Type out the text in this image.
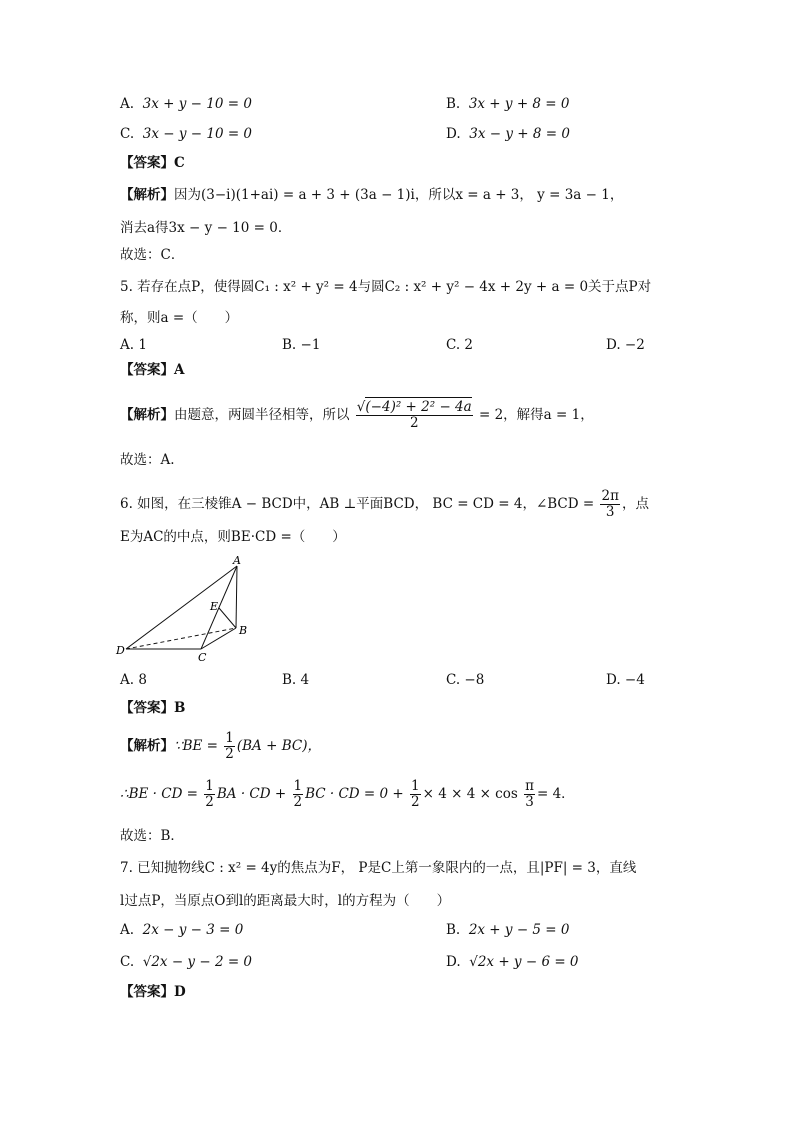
A. 3x + y − 10 = 0	B. 3x + y + 8 = 0
C. 3x − y − 10 = 0	D. 3x − y + 8 = 0
【答案】C
【解析】因为(3−i)(1+ai) = a + 3 + (3a − 1)i，所以x = a + 3， y = 3a − 1，
消去a得3x − y − 10 = 0．
故选：C．
5. 若存在点P，使得圆C₁ : x² + y² = 4与圆C₂ : x² + y² − 4x + 2y + a = 0关于点P对
称，则a =（　　）
A. 1	B. −1	C. 2	D. −2
【答案】A
【解析】由题意，两圆半径相等，所以 $\frac{\text{√(−4)² + 2² − 4a}}{2} = 2$，解得a = 1，
故选：A.
6. 如图，在三棱锥A − BCD中，AB ⊥平面BCD， BC = CD = 4，∠BCD = $\frac{2\pi}{3}$ ，点
E为AC的中点，则BE·CD =（　　）
A
B
C
D
E
A. 8	B. 4	C. −8	D. −4
【答案】B
【解析】∵BE = $\frac{1}{2} (BA + BC)$，
∴BE · CD = $\frac{1}{2}$ BA · CD + $\frac{1}{2}$ BC · CD = $0 + \frac{1}{2} \times 4 \times 4 \times \cos \frac{\pi}{3} = 4$．
故选：B．
7. 已知抛物线C : x² = 4y的焦点为F， P是C上第一象限内的一点，且|PF| = 3，直线
l过点P，当原点O到l的距离最大时，l的方程为（　　）
A. 2x − y − 3 = 0	B. 2x + y − 5 = 0
C. √2x − y − 2 = 0	D. √2x + y − 6 = 0
【答案】D
